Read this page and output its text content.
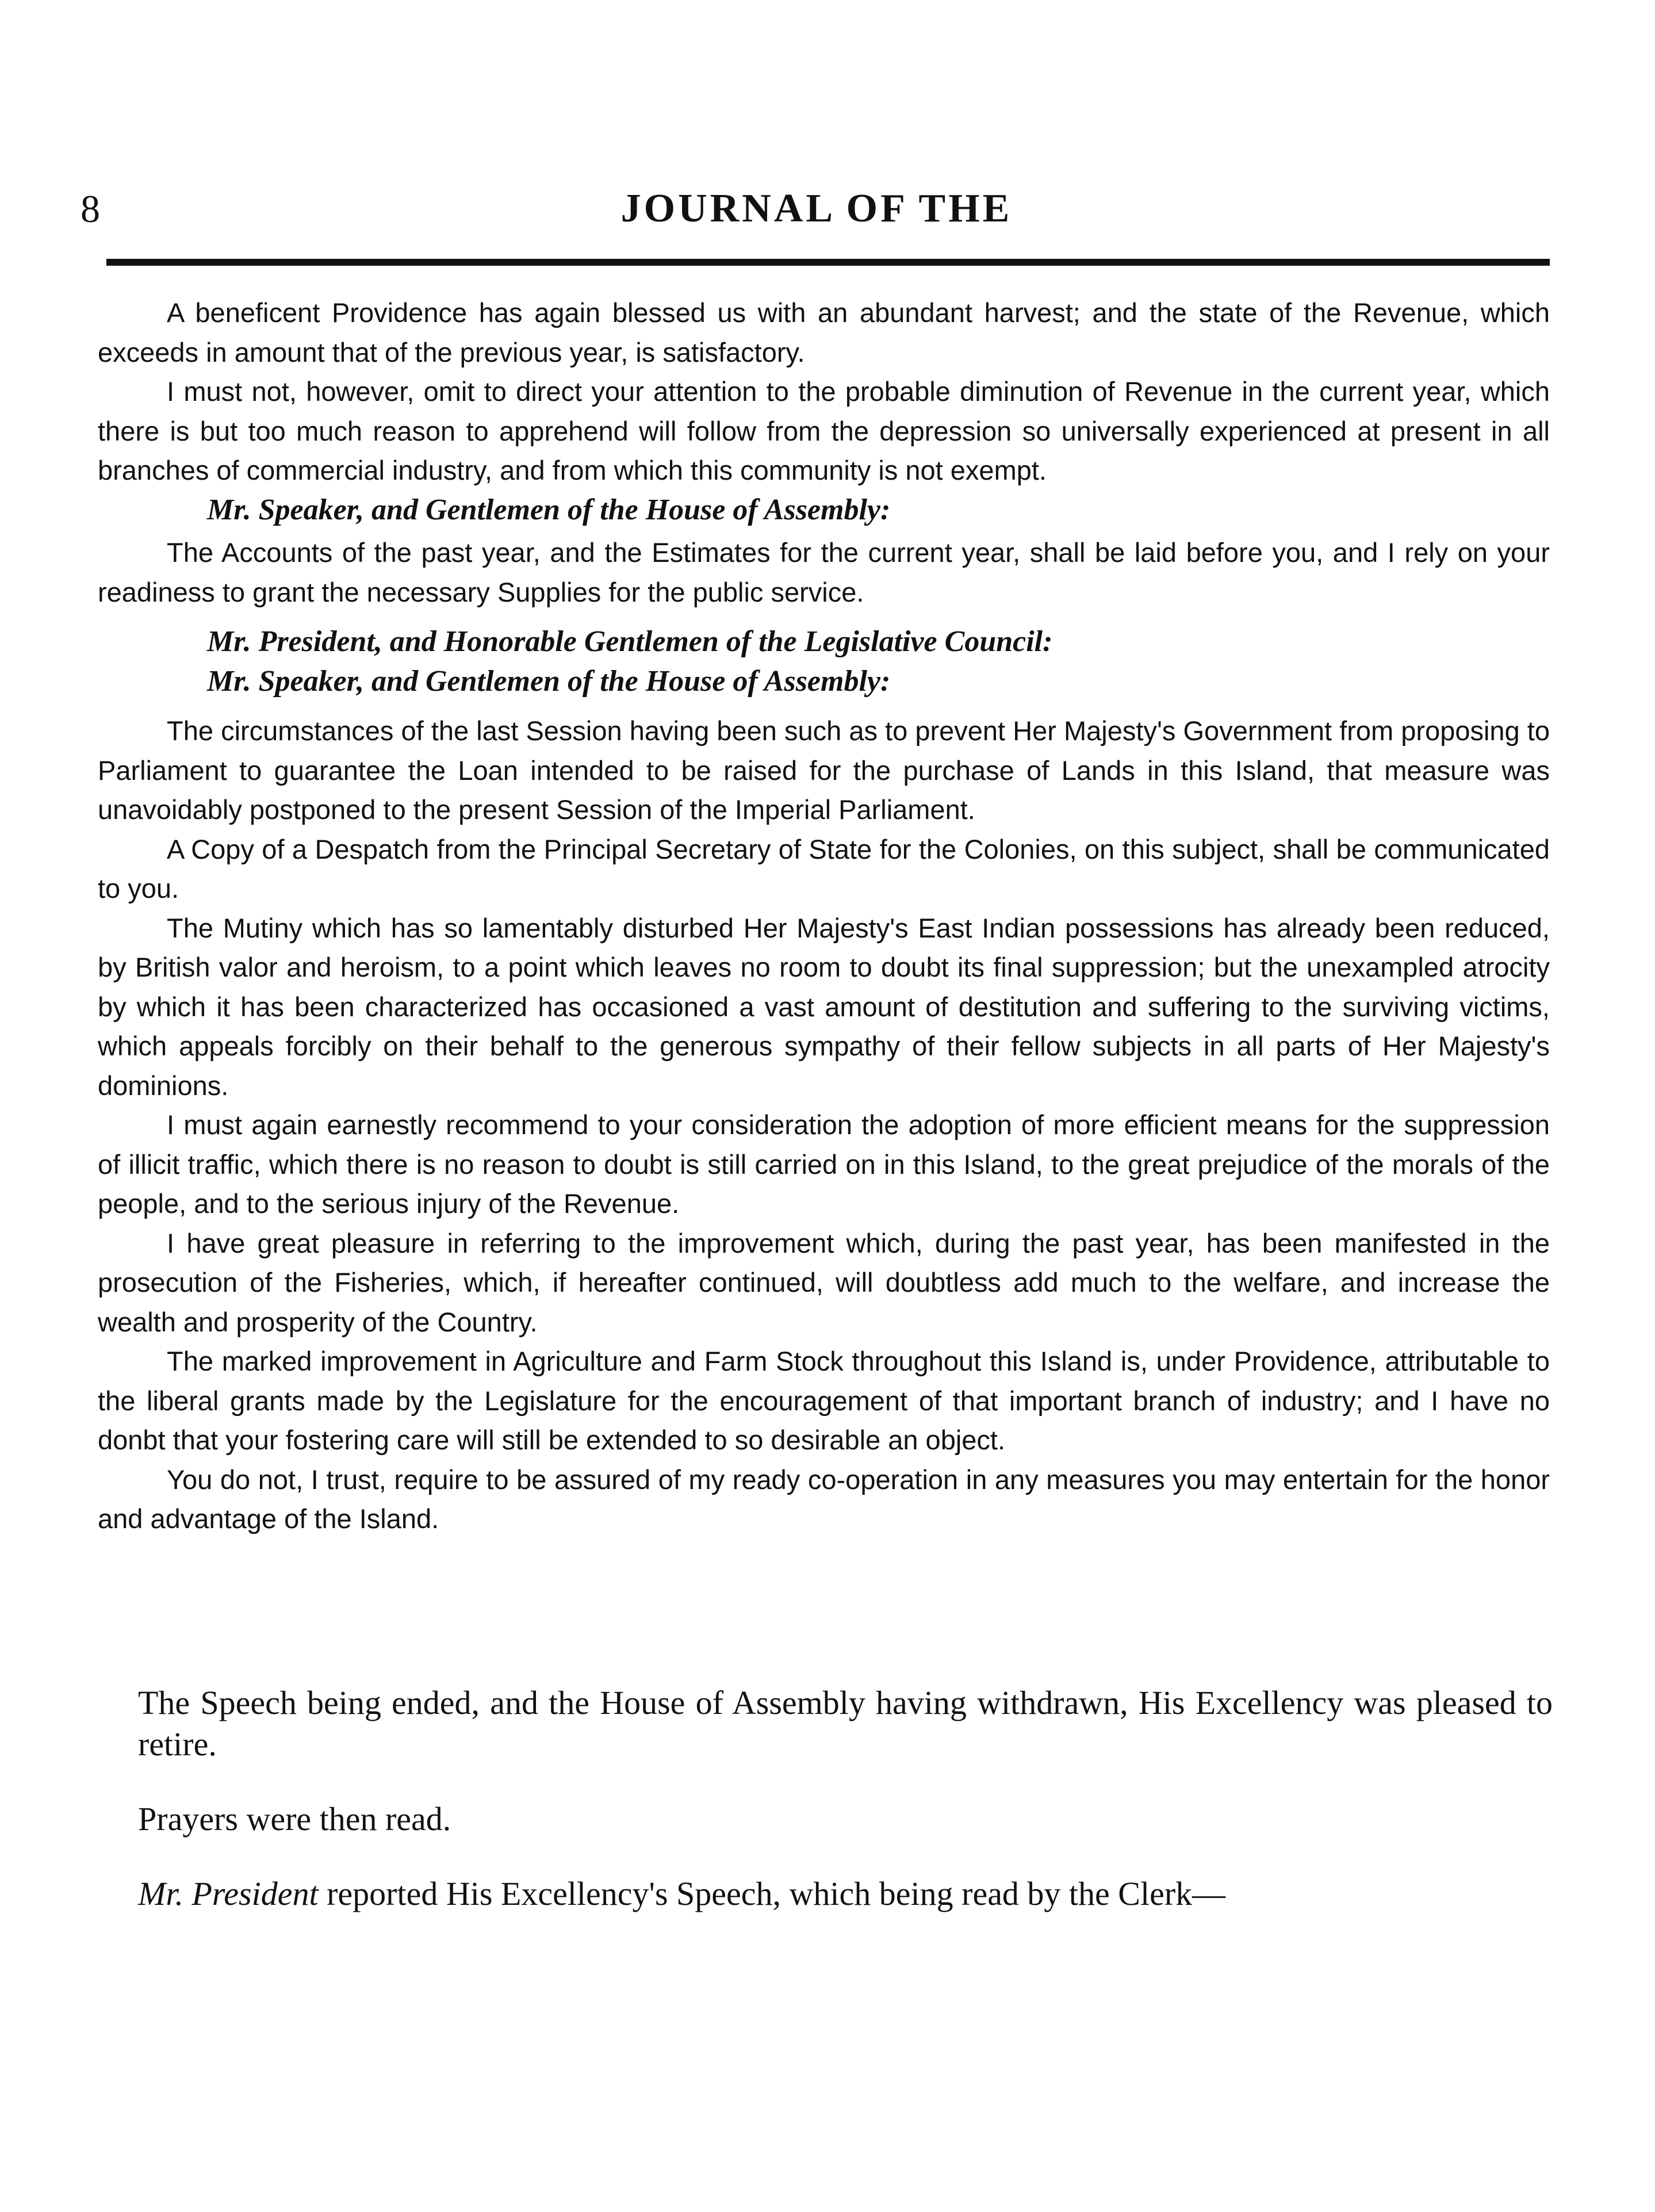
8	JOURNAL OF THE

A beneficent Providence has again blessed us with an abundant harvest; and the state of the Revenue, which exceeds in amount that of the previous year, is satisfactory.

I must not, however, omit to direct your attention to the probable diminution of Revenue in the current year, which there is but too much reason to apprehend will follow from the depression so universally experienced at present in all branches of commercial industry, and from which this community is not exempt.

Mr. Speaker, and Gentlemen of the House of Assembly:

The Accounts of the past year, and the Estimates for the current year, shall be laid before you, and I rely on your readiness to grant the necessary Supplies for the public service.

Mr. President, and Honorable Gentlemen of the Legislative Council:
Mr. Speaker, and Gentlemen of the House of Assembly:

The circumstances of the last Session having been such as to prevent Her Majesty's Government from proposing to Parliament to guarantee the Loan intended to be raised for the purchase of Lands in this Island, that measure was unavoidably postponed to the present Session of the Imperial Parliament.

A Copy of a Despatch from the Principal Secretary of State for the Colonies, on this subject, shall be communicated to you.

The Mutiny which has so lamentably disturbed Her Majesty's East Indian possessions has already been reduced, by British valor and heroism, to a point which leaves no room to doubt its final suppression; but the unexampled atrocity by which it has been characterized has occasioned a vast amount of destitution and suffering to the surviving victims, which appeals forcibly on their behalf to the generous sympathy of their fellow subjects in all parts of Her Majesty's dominions.

I must again earnestly recommend to your consideration the adoption of more efficient means for the suppression of illicit traffic, which there is no reason to doubt is still carried on in this Island, to the great prejudice of the morals of the people, and to the serious injury of the Revenue.

I have great pleasure in referring to the improvement which, during the past year, has been manifested in the prosecution of the Fisheries, which, if hereafter continued, will doubtless add much to the welfare, and increase the wealth and prosperity of the Country.

The marked improvement in Agriculture and Farm Stock throughout this Island is, under Providence, attributable to the liberal grants made by the Legislature for the encouragement of that important branch of industry; and I have no donbt that your fostering care will still be extended to so desirable an object.

You do not, I trust, require to be assured of my ready co-operation in any measures you may entertain for the honor and advantage of the Island.

The Speech being ended, and the House of Assembly having withdrawn, His Excellency was pleased to retire.

Prayers were then read.

Mr. President reported His Excellency's Speech, which being read by the Clerk—
